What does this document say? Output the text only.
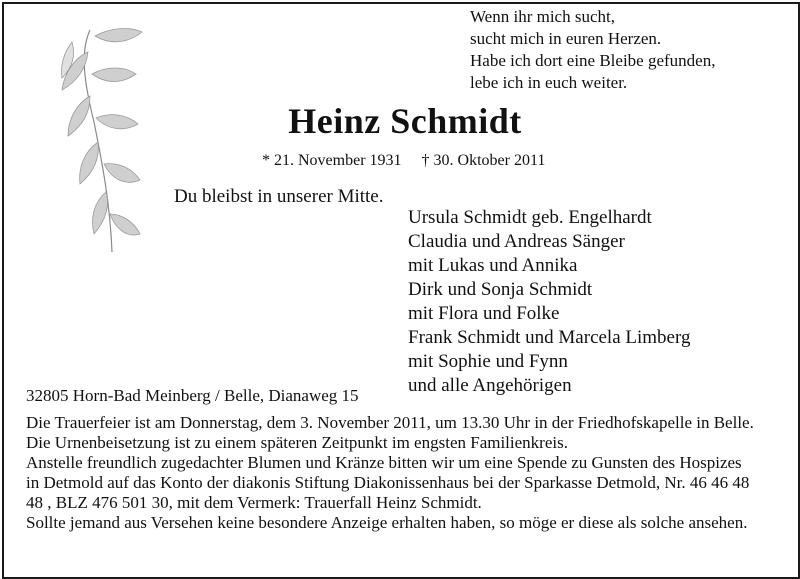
Wenn ihr mich sucht,
sucht mich in euren Herzen.
Habe ich dort eine Bleibe gefunden,
lebe ich in euch weiter.
Heinz Schmidt
* 21. November 1931 † 30. Oktober 2011
Du bleibst in unserer Mitte.
Ursula Schmidt geb. Engelhardt
Claudia und Andreas Sänger
mit Lukas und Annika
Dirk und Sonja Schmidt
mit Flora und Folke
Frank Schmidt und Marcela Limberg
mit Sophie und Fynn
und alle Angehörigen
32805 Horn-Bad Meinberg / Belle, Dianaweg 15

Die Trauerfeier ist am Donnerstag, dem 3. November 2011, um 13.30 Uhr in der Friedhofskapelle in Belle.

Die Urnenbeisetzung ist zu einem späteren Zeitpunkt im engsten Familienkreis.

Anstelle freundlich zugedachter Blumen und Kränze bitten wir um eine Spende zu Gunsten des Hospizes in Detmold auf das Konto der diakonis Stiftung Diakonissenhaus bei der Sparkasse Detmold, Nr. 46 46 48 48 , BLZ 476 501 30, mit dem Vermerk: Trauerfall Heinz Schmidt.

Sollte jemand aus Versehen keine besondere Anzeige erhalten haben, so möge er diese als solche ansehen.
